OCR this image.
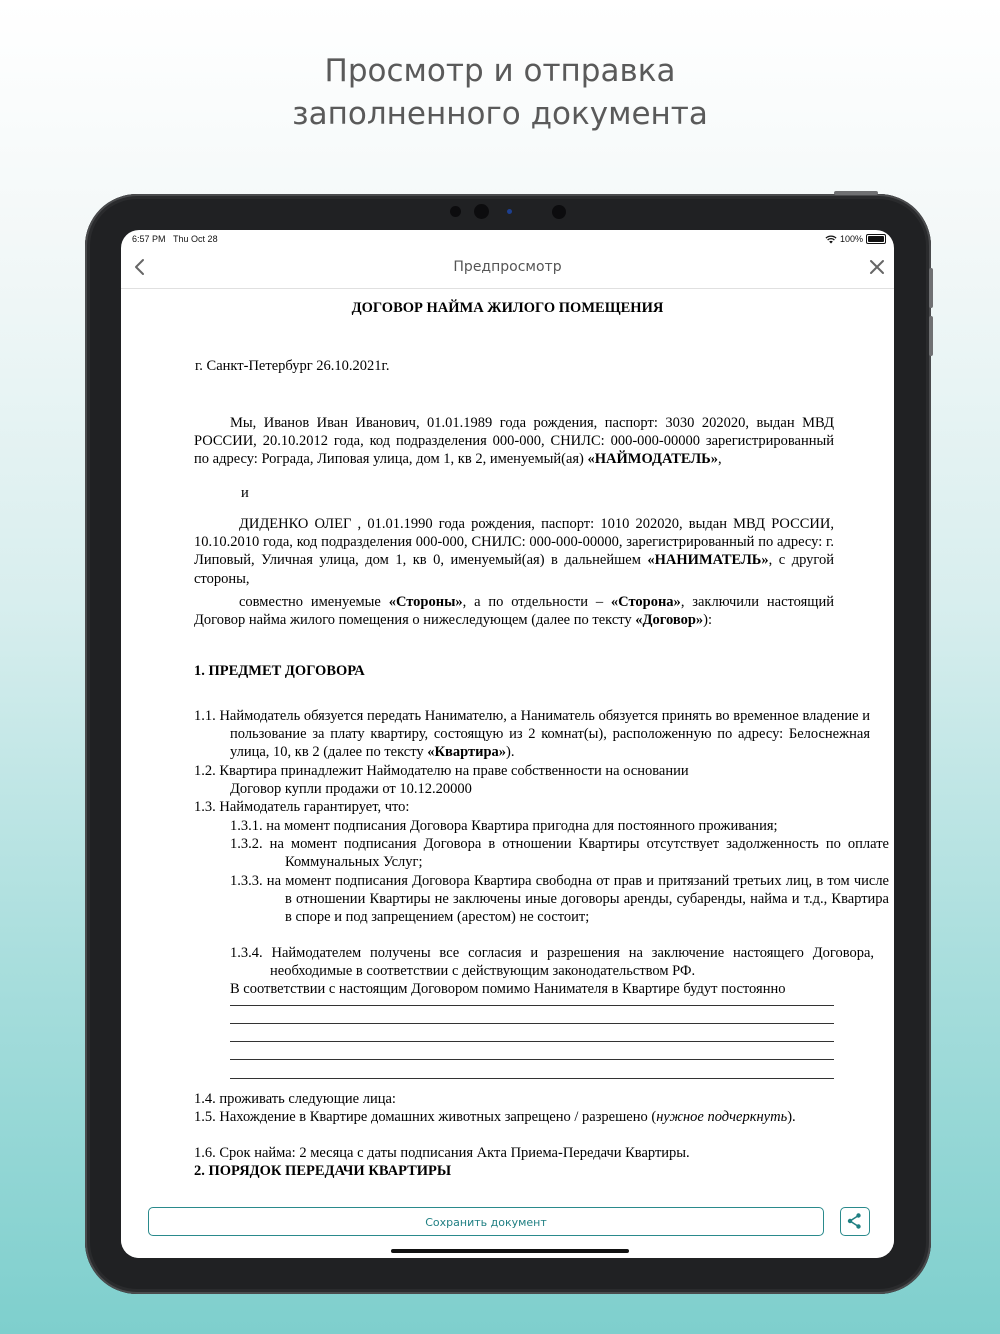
Просмотр и отправка
заполненного документа
6:57 PM Thu Oct 28	100%
Предпросмотр
ДОГОВОР НАЙМА ЖИЛОГО ПОМЕЩЕНИЯ
г. Санкт-Петербург 26.10.2021г.
Мы, Иванов Иван Иванович, 01.01.1989 года рождения, паспорт: 3030 202020, выдан МВД РОССИИ, 20.10.2012 года, код подразделения 000-000, СНИЛС: 000-000-00000 зарегистрированный по адресу: Рограда, Липовая улица, дом 1, кв 2, именуемый(ая) «НАЙМОДАТЕЛЬ»,
и
ДИДЕНКО ОЛЕГ , 01.01.1990 года рождения, паспорт: 1010 202020, выдан МВД РОССИИ, 10.10.2010 года, код подразделения 000-000, СНИЛС: 000-000-00000, зарегистрированный по адресу: г. Липовый, Уличная улица, дом 1, кв 0, именуемый(ая) в дальнейшем «НАНИМАТЕЛЬ», с другой стороны,
совместно именуемые «Стороны», а по отдельности – «Сторона», заключили настоящий Договор найма жилого помещения о нижеследующем (далее по тексту «Договор»):
1. ПРЕДМЕТ ДОГОВОРА
1.1. Наймодатель обязуется передать Нанимателю, а Наниматель обязуется принять во временное владение и пользование за плату квартиру, состоящую из 2 комнат(ы), расположенную по адресу: Белоснежная улица, 10, кв 2 (далее по тексту «Квартира»).
1.2. Квартира принадлежит Наймодателю на праве собственности на основании
Договор купли продажи от 10.12.20000
1.3. Наймодатель гарантирует, что:
1.3.1. на момент подписания Договора Квартира пригодна для постоянного проживания;
1.3.2. на момент подписания Договора в отношении Квартиры отсутствует задолженность по оплате Коммунальных Услуг;
1.3.3. на момент подписания Договора Квартира свободна от прав и притязаний третьих лиц, в том числе в отношении Квартиры не заключены иные договоры аренды, субаренды, найма и т.д., Квартира в споре и под запрещением (арестом) не состоит;
1.3.4. Наймодателем получены все согласия и разрешения на заключение настоящего Договора, необходимые в соответствии с действующим законодательством РФ.
В соответствии с настоящим Договором помимо Нанимателя в Квартире будут постоянно
1.4. проживать следующие лица:
1.5. Нахождение в Квартире домашних животных запрещено / разрешено (нужное подчеркнуть).
1.6. Срок найма: 2 месяца с даты подписания Акта Приема-Передачи Квартиры.
2. ПОРЯДОК ПЕРЕДАЧИ КВАРТИРЫ
Сохранить документ
